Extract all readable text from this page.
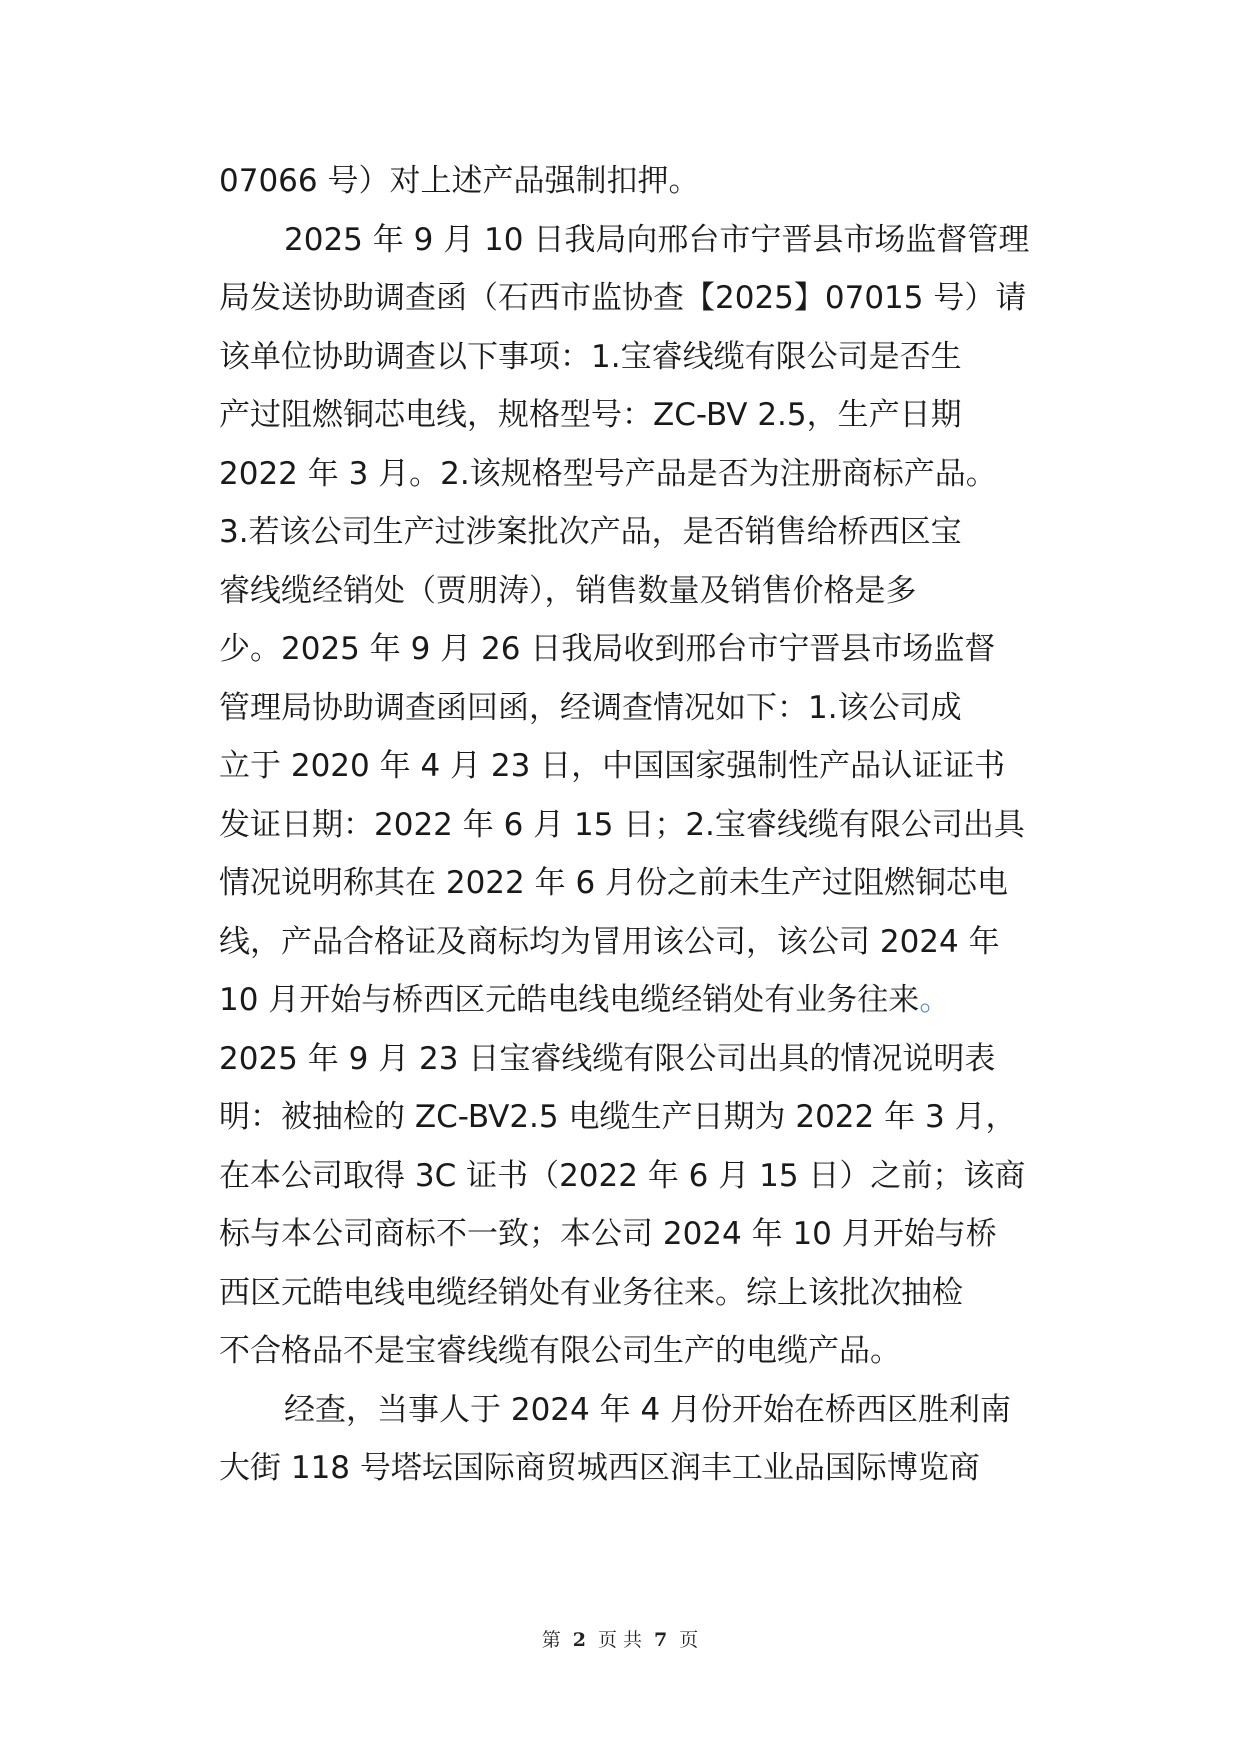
07066 号）对上述产品强制扣押。
2025 年 9 月 10 日我局向邢台市宁晋县市场监督管理
局发送协助调查函（石西市监协查【2025】07015 号）请
该单位协助调查以下事项：1.宝睿线缆有限公司是否生
产过阻燃铜芯电线，规格型号：ZC-BV 2.5，生产日期
2022 年 3 月。2.该规格型号产品是否为注册商标产品。
3.若该公司生产过涉案批次产品，是否销售给桥西区宝
睿线缆经销处（贾朋涛），销售数量及销售价格是多
少。2025 年 9 月 26 日我局收到邢台市宁晋县市场监督
管理局协助调查函回函，经调查情况如下：1.该公司成
立于 2020 年 4 月 23 日，中国国家强制性产品认证证书
发证日期：2022 年 6 月 15 日；2.宝睿线缆有限公司出具
情况说明称其在 2022 年 6 月份之前未生产过阻燃铜芯电
线，产品合格证及商标均为冒用该公司，该公司 2024 年
10 月开始与桥西区元皓电线电缆经销处有业务往来。
2025 年 9 月 23 日宝睿线缆有限公司出具的情况说明表
明：被抽检的 ZC-BV2.5 电缆生产日期为 2022 年 3 月，
在本公司取得 3C 证书（2022 年 6 月 15 日）之前；该商
标与本公司商标不一致；本公司 2024 年 10 月开始与桥
西区元皓电线电缆经销处有业务往来。综上该批次抽检
不合格品不是宝睿线缆有限公司生产的电缆产品。
经查，当事人于 2024 年 4 月份开始在桥西区胜利南
大街 118 号塔坛国际商贸城西区润丰工业品国际博览商
第 2 页 共 7 页
